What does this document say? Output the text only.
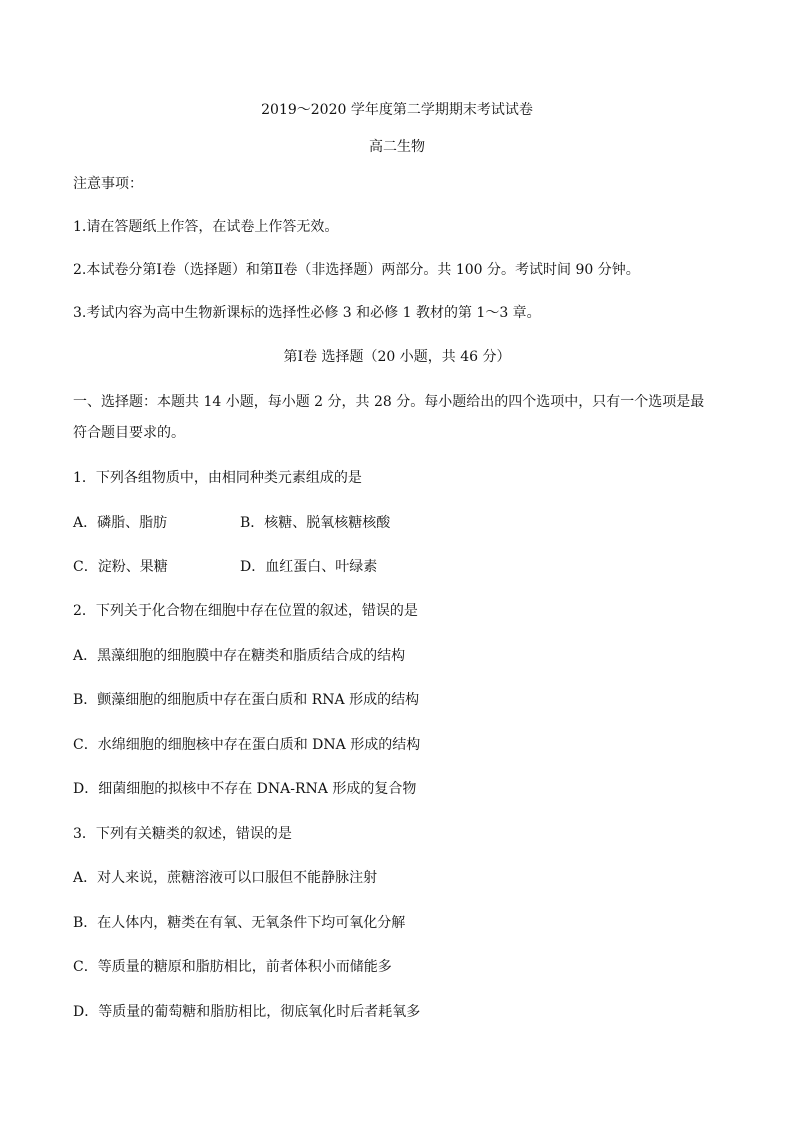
2019～2020 学年度第二学期期末考试试卷
高二生物
注意事项：
1.请在答题纸上作答，在试卷上作答无效。
2.本试卷分第Ⅰ卷（选择题）和第Ⅱ卷（非选择题）两部分。共 100 分。考试时间 90 分钟。
3.考试内容为高中生物新课标的选择性必修 3 和必修 1 教材的第 1～3 章。
第Ⅰ卷 选择题（20 小题，共 46 分）
一、选择题：本题共 14 小题，每小题 2 分，共 28 分。每小题给出的四个选项中，只有一个选项是最
符合题目要求的。
1．下列各组物质中，由相同种类元素组成的是
A．磷脂、脂肪	B．核糖、脱氧核糖核酸
C．淀粉、果糖	D．血红蛋白、叶绿素
2．下列关于化合物在细胞中存在位置的叙述，错误的是
A．黑藻细胞的细胞膜中存在糖类和脂质结合成的结构
B．颤藻细胞的细胞质中存在蛋白质和 RNA 形成的结构
C．水绵细胞的细胞核中存在蛋白质和 DNA 形成的结构
D．细菌细胞的拟核中不存在 DNA-RNA 形成的复合物
3．下列有关糖类的叙述，错误的是
A．对人来说，蔗糖溶液可以口服但不能静脉注射
B．在人体内，糖类在有氧、无氧条件下均可氧化分解
C．等质量的糖原和脂肪相比，前者体积小而储能多
D．等质量的葡萄糖和脂肪相比，彻底氧化时后者耗氧多
